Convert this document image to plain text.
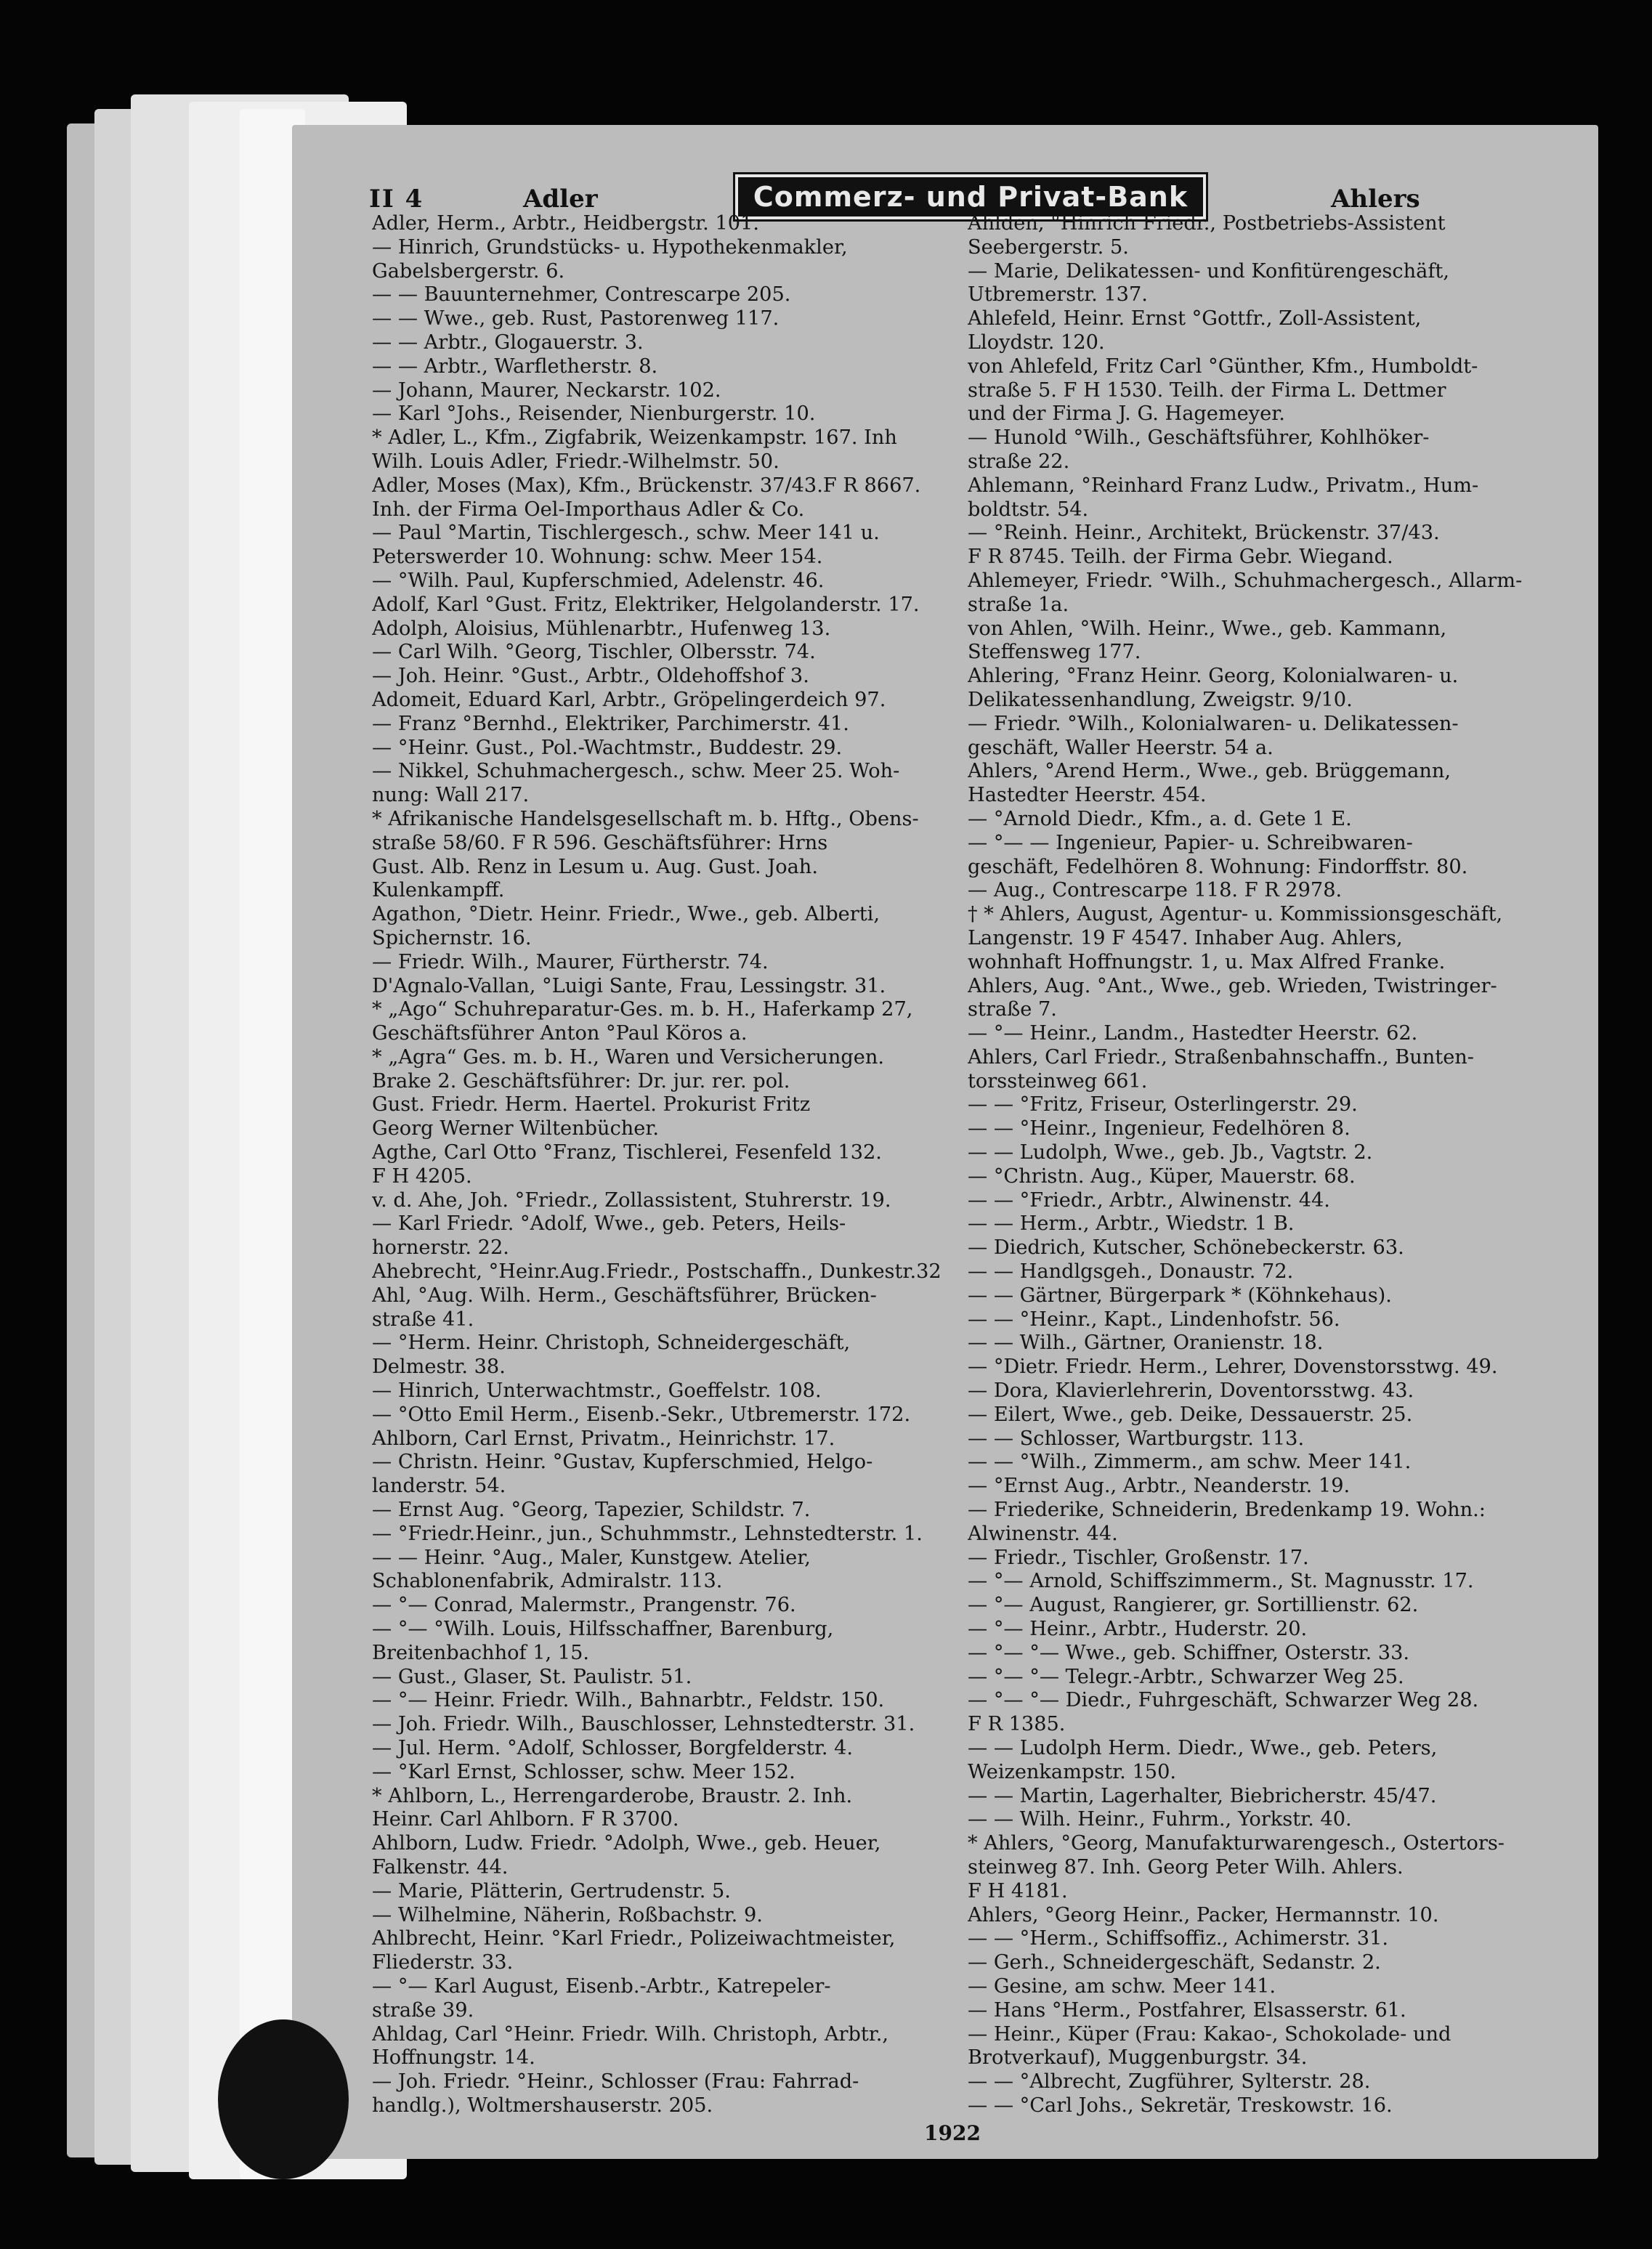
II 4	Adler	Commerz- und Privat-Bank	Ahlers
Adler, Herm., Arbtr., Heidbergstr. 101.
— Hinrich, Grundstücks- u. Hypothekenmakler,
Gabelsbergerstr. 6.
— — Bauunternehmer, Contrescarpe 205.
— — Wwe., geb. Rust, Pastorenweg 117.
— — Arbtr., Glogauerstr. 3.
— — Arbtr., Warfletherstr. 8.
— Johann, Maurer, Neckarstr. 102.
— Karl °Johs., Reisender, Nienburgerstr. 10.
* Adler, L., Kfm., Zigfabrik, Weizenkampstr. 167. Inh
Wilh. Louis Adler, Friedr.-Wilhelmstr. 50.
Adler, Moses (Max), Kfm., Brückenstr. 37/43.F R 8667.
Inh. der Firma Oel-Importhaus Adler & Co.
— Paul °Martin, Tischlergesch., schw. Meer 141 u.
Peterswerder 10. Wohnung: schw. Meer 154.
— °Wilh. Paul, Kupferschmied, Adelenstr. 46.
Adolf, Karl °Gust. Fritz, Elektriker, Helgolanderstr. 17.
Adolph, Aloisius, Mühlenarbtr., Hufenweg 13.
— Carl Wilh. °Georg, Tischler, Olbersstr. 74.
— Joh. Heinr. °Gust., Arbtr., Oldehoffshof 3.
Adomeit, Eduard Karl, Arbtr., Gröpelingerdeich 97.
— Franz °Bernhd., Elektriker, Parchimerstr. 41.
— °Heinr. Gust., Pol.-Wachtmstr., Buddestr. 29.
— Nikkel, Schuhmachergesch., schw. Meer 25. Woh-
nung: Wall 217.
* Afrikanische Handelsgesellschaft m. b. Hftg., Obens-
straße 58/60. F R 596. Geschäftsführer: Hrns
Gust. Alb. Renz in Lesum u. Aug. Gust. Joah.
Kulenkampff.
Agathon, °Dietr. Heinr. Friedr., Wwe., geb. Alberti,
Spichernstr. 16.
— Friedr. Wilh., Maurer, Fürtherstr. 74.
D'Agnalo-Vallan, °Luigi Sante, Frau, Lessingstr. 31.
* „Ago“ Schuhreparatur-Ges. m. b. H., Haferkamp 27,
Geschäftsführer Anton °Paul Köros a.
* „Agra“ Ges. m. b. H., Waren und Versicherungen.
Brake 2. Geschäftsführer: Dr. jur. rer. pol.
Gust. Friedr. Herm. Haertel. Prokurist Fritz
Georg Werner Wiltenbücher.
Agthe, Carl Otto °Franz, Tischlerei, Fesenfeld 132.
F H 4205.
v. d. Ahe, Joh. °Friedr., Zollassistent, Stuhrerstr. 19.
— Karl Friedr. °Adolf, Wwe., geb. Peters, Heils-
hornerstr. 22.
Ahebrecht, °Heinr.Aug.Friedr., Postschaffn., Dunkestr.32
Ahl, °Aug. Wilh. Herm., Geschäftsführer, Brücken-
straße 41.
— °Herm. Heinr. Christoph, Schneidergeschäft,
Delmestr. 38.
— Hinrich, Unterwachtmstr., Goeffelstr. 108.
— °Otto Emil Herm., Eisenb.-Sekr., Utbremerstr. 172.
Ahlborn, Carl Ernst, Privatm., Heinrichstr. 17.
— Christn. Heinr. °Gustav, Kupferschmied, Helgo-
landerstr. 54.
— Ernst Aug. °Georg, Tapezier, Schildstr. 7.
— °Friedr.Heinr., jun., Schuhmmstr., Lehnstedterstr. 1.
— — Heinr. °Aug., Maler, Kunstgew. Atelier,
Schablonenfabrik, Admiralstr. 113.
— °— Conrad, Malermstr., Prangenstr. 76.
— °— °Wilh. Louis, Hilfsschaffner, Barenburg,
Breitenbachhof 1, 15.
— Gust., Glaser, St. Paulistr. 51.
— °— Heinr. Friedr. Wilh., Bahnarbtr., Feldstr. 150.
— Joh. Friedr. Wilh., Bauschlosser, Lehnstedterstr. 31.
— Jul. Herm. °Adolf, Schlosser, Borgfelderstr. 4.
— °Karl Ernst, Schlosser, schw. Meer 152.
* Ahlborn, L., Herrengarderobe, Braustr. 2. Inh.
Heinr. Carl Ahlborn. F R 3700.
Ahlborn, Ludw. Friedr. °Adolph, Wwe., geb. Heuer,
Falkenstr. 44.
— Marie, Plätterin, Gertrudenstr. 5.
— Wilhelmine, Näherin, Roßbachstr. 9.
Ahlbrecht, Heinr. °Karl Friedr., Polizeiwachtmeister,
Fliederstr. 33.
— °— Karl August, Eisenb.-Arbtr., Katrepeler-
straße 39.
Ahldag, Carl °Heinr. Friedr. Wilh. Christoph, Arbtr.,
Hoffnungstr. 14.
— Joh. Friedr. °Heinr., Schlosser (Frau: Fahrrad-
handlg.), Woltmershauserstr. 205.
Ahlden, °Hinrich Friedr., Postbetriebs-Assistent
Seebergerstr. 5.
— Marie, Delikatessen- und Konfitürengeschäft,
Utbremerstr. 137.
Ahlefeld, Heinr. Ernst °Gottfr., Zoll-Assistent,
Lloydstr. 120.
von Ahlefeld, Fritz Carl °Günther, Kfm., Humboldt-
straße 5. F H 1530. Teilh. der Firma L. Dettmer
und der Firma J. G. Hagemeyer.
— Hunold °Wilh., Geschäftsführer, Kohlhöker-
straße 22.
Ahlemann, °Reinhard Franz Ludw., Privatm., Hum-
boldtstr. 54.
— °Reinh. Heinr., Architekt, Brückenstr. 37/43.
F R 8745. Teilh. der Firma Gebr. Wiegand.
Ahlemeyer, Friedr. °Wilh., Schuhmachergesch., Allarm-
straße 1a.
von Ahlen, °Wilh. Heinr., Wwe., geb. Kammann,
Steffensweg 177.
Ahlering, °Franz Heinr. Georg, Kolonialwaren- u.
Delikatessenhandlung, Zweigstr. 9/10.
— Friedr. °Wilh., Kolonialwaren- u. Delikatessen-
geschäft, Waller Heerstr. 54 a.
Ahlers, °Arend Herm., Wwe., geb. Brüggemann,
Hastedter Heerstr. 454.
— °Arnold Diedr., Kfm., a. d. Gete 1 E.
— °— — Ingenieur, Papier- u. Schreibwaren-
geschäft, Fedelhören 8. Wohnung: Findorffstr. 80.
— Aug., Contrescarpe 118. F R 2978.
† * Ahlers, August, Agentur- u. Kommissionsgeschäft,
Langenstr. 19 F 4547. Inhaber Aug. Ahlers,
wohnhaft Hoffnungstr. 1, u. Max Alfred Franke.
Ahlers, Aug. °Ant., Wwe., geb. Wrieden, Twistringer-
straße 7.
— °— Heinr., Landm., Hastedter Heerstr. 62.
Ahlers, Carl Friedr., Straßenbahnschaffn., Bunten-
torssteinweg 661.
— — °Fritz, Friseur, Osterlingerstr. 29.
— — °Heinr., Ingenieur, Fedelhören 8.
— — Ludolph, Wwe., geb. Jb., Vagtstr. 2.
— °Christn. Aug., Küper, Mauerstr. 68.
— — °Friedr., Arbtr., Alwinenstr. 44.
— — Herm., Arbtr., Wiedstr. 1 B.
— Diedrich, Kutscher, Schönebeckerstr. 63.
— — Handlgsgeh., Donaustr. 72.
— — Gärtner, Bürgerpark * (Köhnkehaus).
— — °Heinr., Kapt., Lindenhofstr. 56.
— — Wilh., Gärtner, Oranienstr. 18.
— °Dietr. Friedr. Herm., Lehrer, Dovenstorsstwg. 49.
— Dora, Klavierlehrerin, Doventorsstwg. 43.
— Eilert, Wwe., geb. Deike, Dessauerstr. 25.
— — Schlosser, Wartburgstr. 113.
— — °Wilh., Zimmerm., am schw. Meer 141.
— °Ernst Aug., Arbtr., Neanderstr. 19.
— Friederike, Schneiderin, Bredenkamp 19. Wohn.:
Alwinenstr. 44.
— Friedr., Tischler, Großenstr. 17.
— °— Arnold, Schiffszimmerm., St. Magnusstr. 17.
— °— August, Rangierer, gr. Sortillienstr. 62.
— °— Heinr., Arbtr., Huderstr. 20.
— °— °— Wwe., geb. Schiffner, Osterstr. 33.
— °— °— Telegr.-Arbtr., Schwarzer Weg 25.
— °— °— Diedr., Fuhrgeschäft, Schwarzer Weg 28.
F R 1385.
— — Ludolph Herm. Diedr., Wwe., geb. Peters,
Weizenkampstr. 150.
— — Martin, Lagerhalter, Biebricherstr. 45/47.
— — Wilh. Heinr., Fuhrm., Yorkstr. 40.
* Ahlers, °Georg, Manufakturwarengesch., Ostertors-
steinweg 87. Inh. Georg Peter Wilh. Ahlers.
F H 4181.
Ahlers, °Georg Heinr., Packer, Hermannstr. 10.
— — °Herm., Schiffsoffiz., Achimerstr. 31.
— Gerh., Schneidergeschäft, Sedanstr. 2.
— Gesine, am schw. Meer 141.
— Hans °Herm., Postfahrer, Elsasserstr. 61.
— Heinr., Küper (Frau: Kakao-, Schokolade- und
Brotverkauf), Muggenburgstr. 34.
— — °Albrecht, Zugführer, Sylterstr. 28.
— — °Carl Johs., Sekretär, Treskowstr. 16.
1922
